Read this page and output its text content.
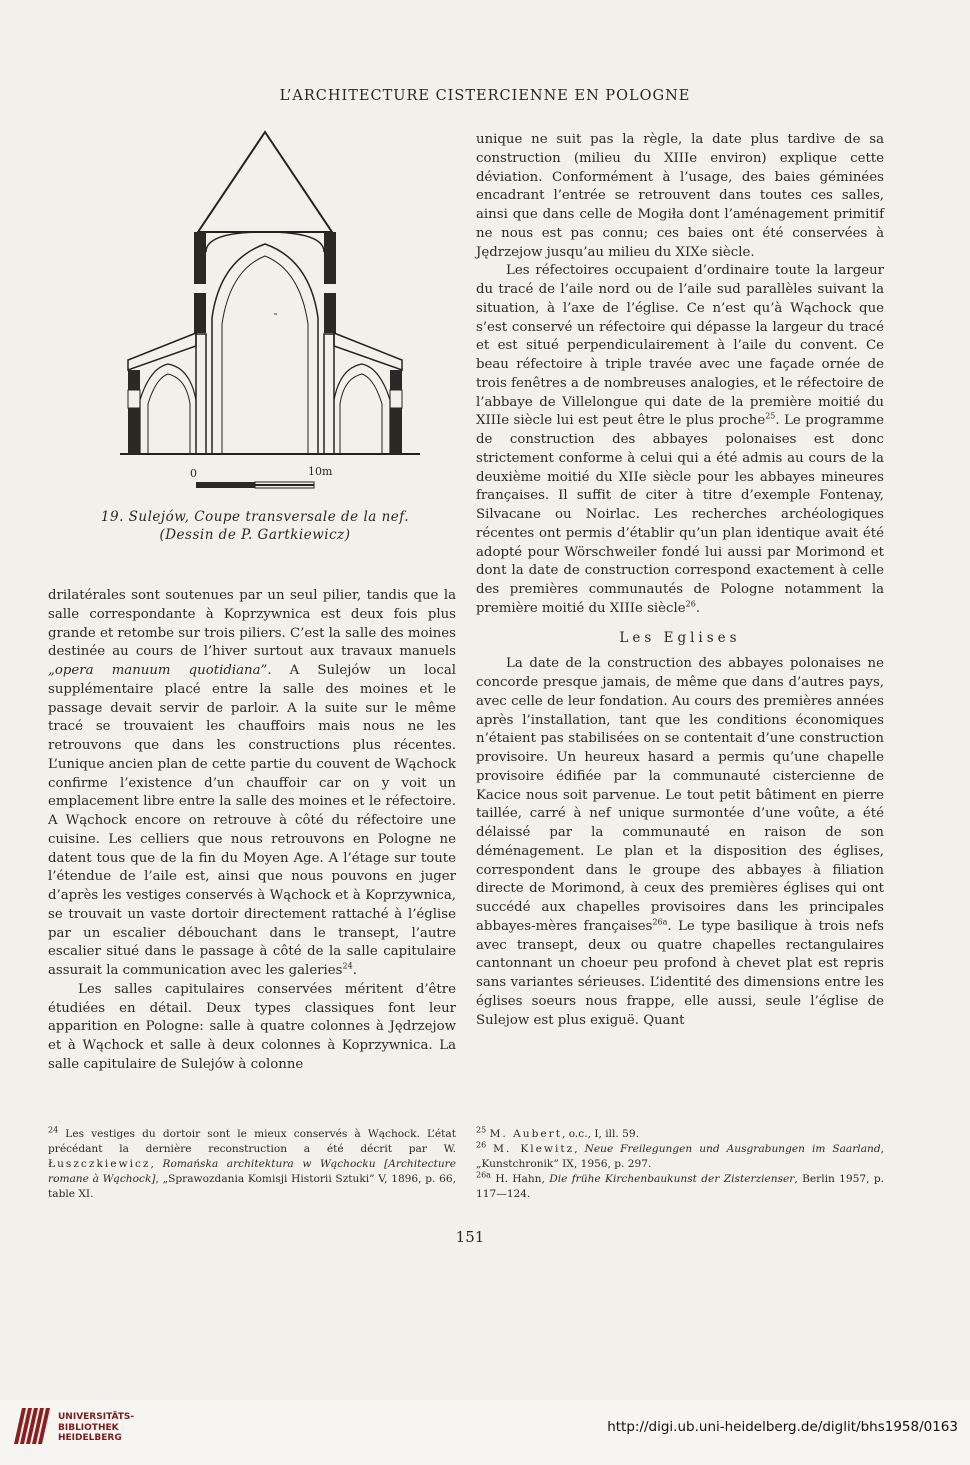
L’ARCHITECTURE CISTERCIENNE EN POLOGNE
0	10m
19. Sulejów, Coupe transversale de la nef.
(Dessin de P. Gartkiewicz)

drilatérales sont soutenues par un seul pilier, tandis que la salle correspondante à Koprzywnica est deux fois plus grande et retombe sur trois piliers. C’est la salle des moines destinée au cours de l’hiver surtout aux travaux manuels „opera manuum quotidiana”. A Sulejów un local supplémentaire placé entre la salle des moines et le passage devait servir de parloir. A la suite sur le même tracé se trouvaient les chauffoirs mais nous ne les retrouvons que dans les constructions plus récentes. L’unique ancien plan de cette partie du couvent de Wąchock confirme l’existence d’un chauffoir car on y voit un emplacement libre entre la salle des moines et le réfectoire. A Wąchock encore on retrouve à côté du réfectoire une cuisine. Les celliers que nous retrouvons en Pologne ne datent tous que de la fin du Moyen Age. A l’étage sur toute l’étendue de l’aile est, ainsi que nous pouvons en juger d’après les vestiges conservés à Wąchock et à Koprzywnica, se trouvait un vaste dortoir directement rattaché à l’église par un escalier débouchant dans le transept, l’autre escalier situé dans le passage à côté de la salle capitulaire assurait la communication avec les galeries$^{24}$.

Les salles capitulaires conservées méritent d’être étudiées en détail. Deux types classiques font leur apparition en Pologne: salle à quatre colonnes à Jędrzejow et à Wąchock et salle à deux colonnes à Koprzywnica. La salle capitulaire de Sulejów à colonne

unique ne suit pas la règle, la date plus tardive de sa construction (milieu du XIIIe environ) explique cette déviation. Conformément à l’usage, des baies géminées encadrant l’entrée se retrouvent dans toutes ces salles, ainsi que dans celle de Mogiła dont l’aménagement primitif ne nous est pas connu; ces baies ont été conservées à Jędrzejow jusqu’au milieu du XIXe siècle.

Les réfectoires occupaient d’ordinaire toute la largeur du tracé de l’aile nord ou de l’aile sud parallèles suivant la situation, à l’axe de l’église. Ce n’est qu’à Wąchock que s’est conservé un réfectoire qui dépasse la largeur du tracé et est situé perpendiculairement à l’aile du convent. Ce beau réfectoire à triple travée avec une façade ornée de trois fenêtres a de nombreuses analogies, et le réfectoire de l’abbaye de Villelongue qui date de la première moitié du XIIIe siècle lui est peut être le plus proche$^{25}$. Le programme de construction des abbayes polonaises est donc strictement conforme à celui qui a été admis au cours de la deuxième moitié du XIIe siècle pour les abbayes mineures françaises. Il suffit de citer à titre d’exemple Fontenay, Silvacane ou Noirlac. Les recherches archéologiques récentes ont permis d’établir qu’un plan identique avait été adopté pour Wörschweiler fondé lui aussi par Morimond et dont la date de construction correspond exactement à celle des premières communautés de Pologne notamment la première moitié du XIIIe siècle$^{26}$.

Les Eglises

La date de la construction des abbayes polonaises ne concorde presque jamais, de même que dans d’autres pays, avec celle de leur fondation. Au cours des premières années après l’installation, tant que les conditions économiques n’étaient pas stabilisées on se contentait d’une construction provisoire. Un heureux hasard a permis qu’une chapelle provisoire édifiée par la communauté cistercienne de Kacice nous soit parvenue. Le tout petit bâtiment en pierre taillée, carré à nef unique surmontée d’une voûte, a été délaissé par la communauté en raison de son déménagement. Le plan et la disposition des églises, correspondent dans le groupe des abbayes à filiation directe de Morimond, à ceux des premières églises qui ont succédé aux chapelles provisoires dans les principales abbayes-mères françaises$^{26a}$. Le type basilique à trois nefs avec transept, deux ou quatre chapelles rectangulaires cantonnant un choeur peu profond à chevet plat est repris sans variantes sérieuses. L’identité des dimensions entre les églises soeurs nous frappe, elle aussi, seule l’église de Sulejow est plus exiguë. Quant

$^{24}$ Les vestiges du dortoir sont le mieux conservés à Wąchock. L’état précédant la dernière reconstruction a été décrit par W. Łuszczkiewicz, Romańska architektura w Wąchocku [Architecture romane à Wąchock], „Sprawozdania Komisji Historii Sztuki” V, 1896, p. 66, table XI.

$^{25}$ M. Aubert, o.c., I, ill. 59.

$^{26}$ M. Klewitz, Neue Freilegungen und Ausgrabungen im Saarland, „Kunstchronik” IX, 1956, p. 297.

$^{26a}$ H. Hahn, Die frühe Kirchenbaukunst der Zisterzienser, Berlin 1957, p. 117—124.

151
UNIVERSITÄTS-
BIBLIOTHEK
HEIDELBERG
http://digi.ub.uni-heidelberg.de/diglit/bhs1958/0163
